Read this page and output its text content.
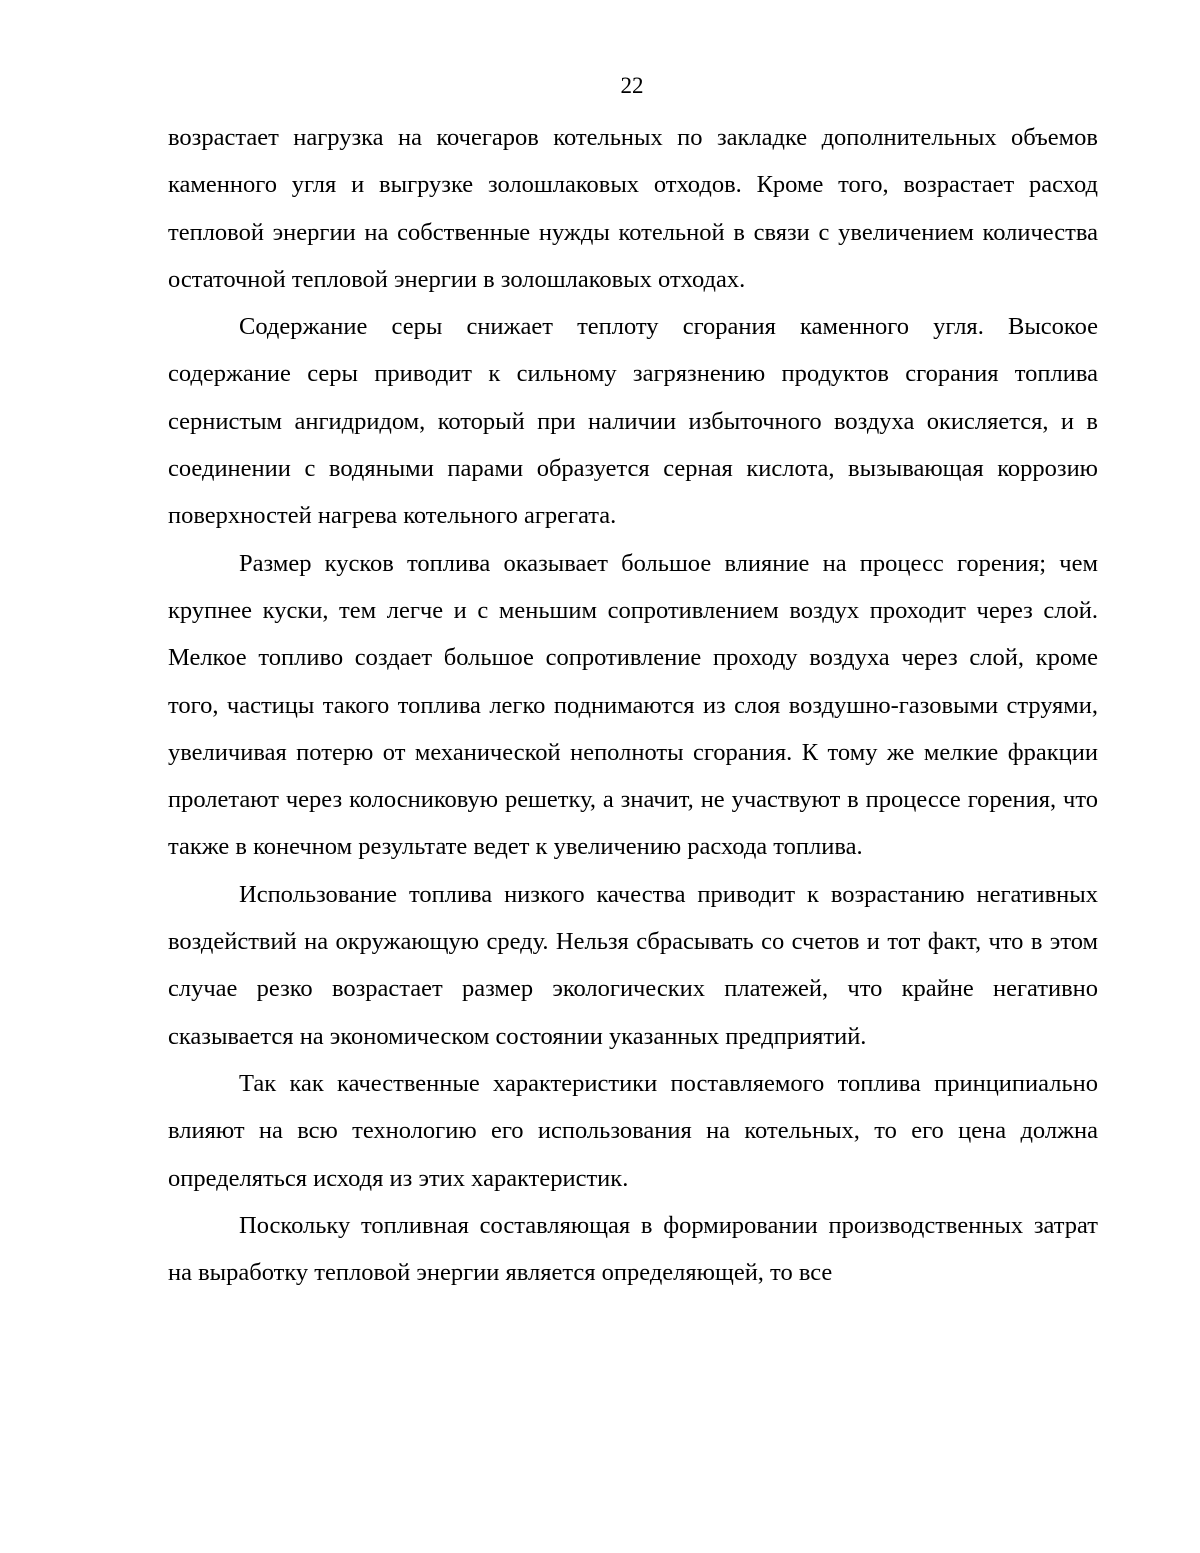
22

возрастает нагрузка на кочегаров котельных по закладке дополнительных объемов каменного угля и выгрузке золошлаковых отходов. Кроме того, возрастает расход тепловой энергии на собственные нужды котельной в связи с увеличением количества остаточной тепловой энергии в золошлаковых отходах.

Содержание серы снижает теплоту сгорания каменного угля. Высокое содержание серы приводит к сильному загрязнению продуктов сгорания топлива сернистым ангидридом, который при наличии избыточного воздуха окисляется, и в соединении с водяными парами образуется серная кислота, вызывающая коррозию поверхностей нагрева котельного агрегата.

Размер кусков топлива оказывает большое влияние на процесс горения; чем крупнее куски, тем легче и с меньшим сопротивлением воздух проходит через слой. Мелкое топливо создает большое сопротивление проходу воздуха через слой, кроме того, частицы такого топлива легко поднимаются из слоя воздушно-газовыми струями, увеличивая потерю от механической неполноты сгорания. К тому же мелкие фракции пролетают через колосниковую решетку, а значит, не участвуют в процессе горения, что также в конечном результате ведет к увеличению расхода топлива.

Использование топлива низкого качества приводит к возрастанию негативных воздействий на окружающую среду. Нельзя сбрасывать со счетов и тот факт, что в этом случае резко возрастает размер экологических платежей, что крайне негативно сказывается на экономическом состоянии указанных предприятий.

Так как качественные характеристики поставляемого топлива принципиально влияют на всю технологию его использования на котельных, то его цена должна определяться исходя из этих характеристик.

Поскольку топливная составляющая в формировании производственных затрат на выработку тепловой энергии является определяющей, то все
